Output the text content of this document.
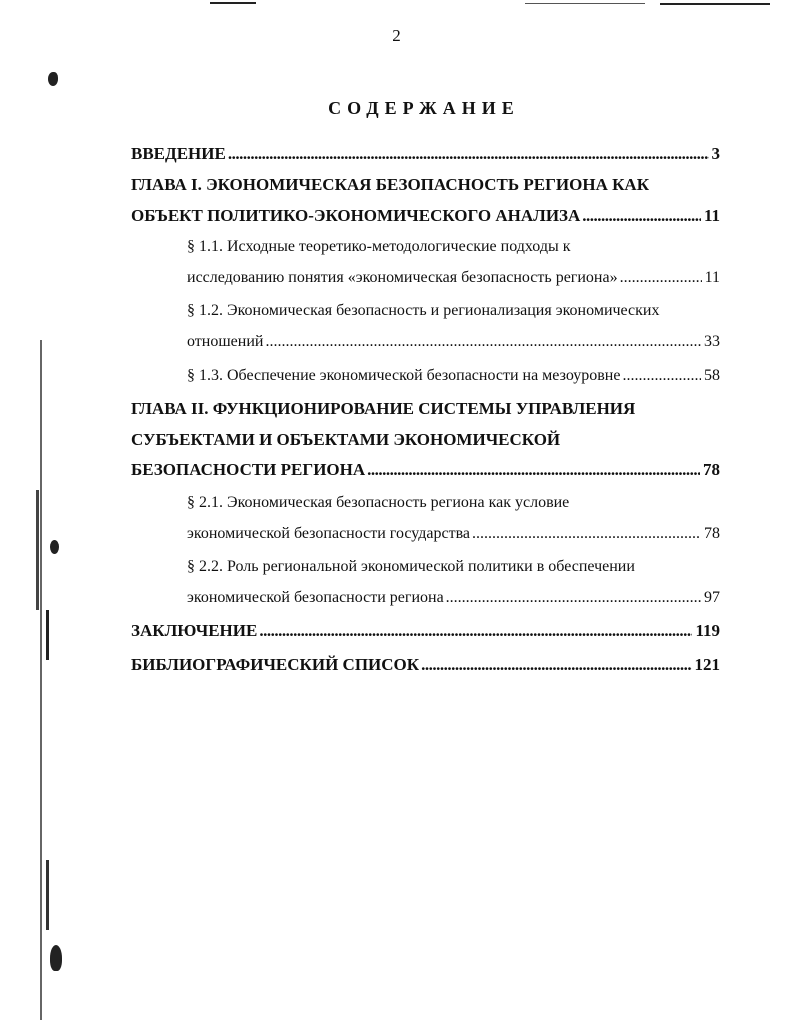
2
СОДЕРЖАНИЕ
ВВЕДЕНИЕ .....	3
ГЛАВА I. ЭКОНОМИЧЕСКАЯ БЕЗОПАСНОСТЬ РЕГИОНА КАК
ОБЪЕКТ ПОЛИТИКО-ЭКОНОМИЧЕСКОГО АНАЛИЗА .....	11
§ 1.1. Исходные теоретико-методологические подходы к
исследованию понятия «экономическая безопасность региона» .....	11
§ 1.2. Экономическая безопасность и регионализация экономических
отношений .....	33
§ 1.3. Обеспечение экономической безопасности на мезоуровне .....	58
ГЛАВА II. ФУНКЦИОНИРОВАНИЕ СИСТЕМЫ УПРАВЛЕНИЯ
СУБЪЕКТАМИ И ОБЪЕКТАМИ ЭКОНОМИЧЕСКОЙ
БЕЗОПАСНОСТИ РЕГИОНА .....	78
§ 2.1. Экономическая безопасность региона как условие
экономической безопасности государства .....	78
§ 2.2. Роль региональной экономической политики в обеспечении
экономической безопасности региона .....	97
ЗАКЛЮЧЕНИЕ .....	119
БИБЛИОГРАФИЧЕСКИЙ СПИСОК .....	121
